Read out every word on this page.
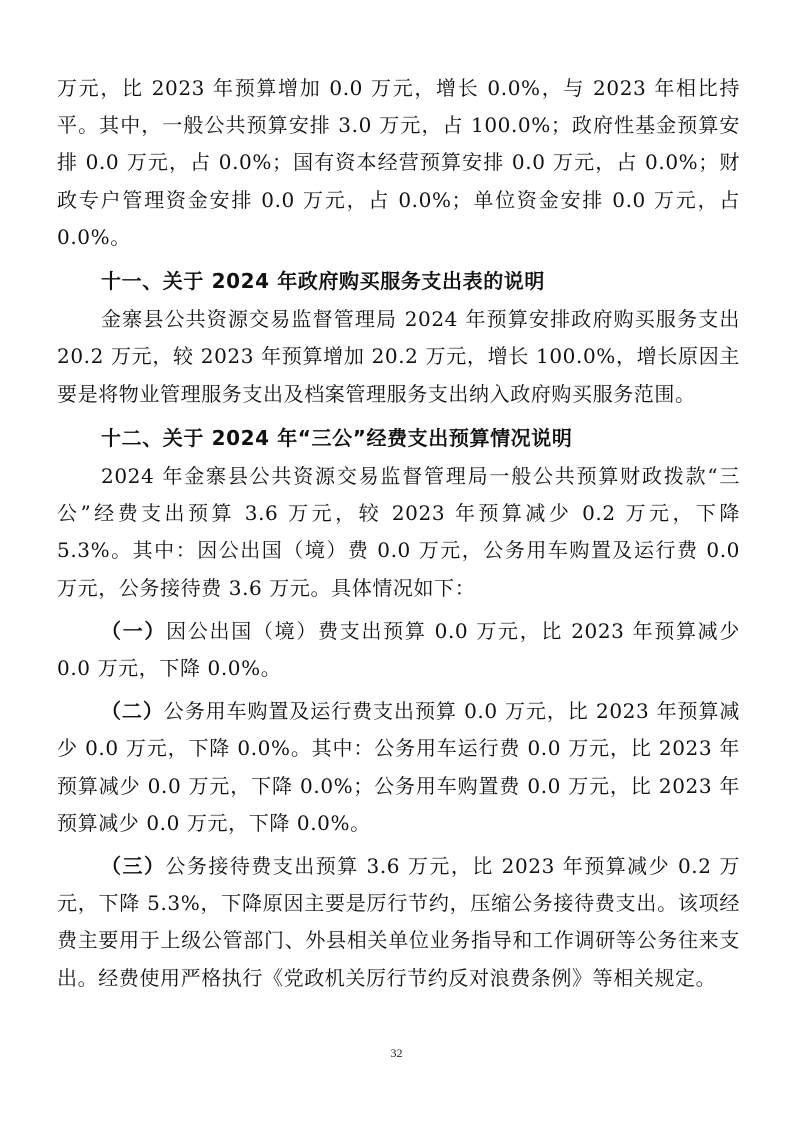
万元，比 2023 年预算增加 0.0 万元，增长 0.0%，与 2023 年相比持平。其中，一般公共预算安排 3.0 万元，占 100.0%；政府性基金预算安排 0.0 万元，占 0.0%；国有资本经营预算安排 0.0 万元，占 0.0%；财政专户管理资金安排 0.0 万元，占 0.0%；单位资金安排 0.0 万元，占 0.0%。

十一、关于 2024 年政府购买服务支出表的说明

金寨县公共资源交易监督管理局 2024 年预算安排政府购买服务支出 20.2 万元，较 2023 年预算增加 20.2 万元，增长 100.0%，增长原因主要是将物业管理服务支出及档案管理服务支出纳入政府购买服务范围。

十二、关于 2024 年“三公”经费支出预算情况说明

2024 年金寨县公共资源交易监督管理局一般公共预算财政拨款“三公”经费支出预算 3.6 万元，较 2023 年预算减少 0.2 万元，下降 5.3%。其中：因公出国（境）费 0.0 万元，公务用车购置及运行费 0.0 万元，公务接待费 3.6 万元。具体情况如下：

（一）因公出国（境）费支出预算 0.0 万元，比 2023 年预算减少 0.0 万元，下降 0.0%。

（二）公务用车购置及运行费支出预算 0.0 万元，比 2023 年预算减少 0.0 万元，下降 0.0%。其中：公务用车运行费 0.0 万元，比 2023 年预算减少 0.0 万元，下降 0.0%；公务用车购置费 0.0 万元，比 2023 年预算减少 0.0 万元，下降 0.0%。

（三）公务接待费支出预算 3.6 万元，比 2023 年预算减少 0.2 万元，下降 5.3%，下降原因主要是厉行节约，压缩公务接待费支出。该项经费主要用于上级公管部门、外县相关单位业务指导和工作调研等公务往来支出。经费使用严格执行《党政机关厉行节约反对浪费条例》等相关规定。

32
